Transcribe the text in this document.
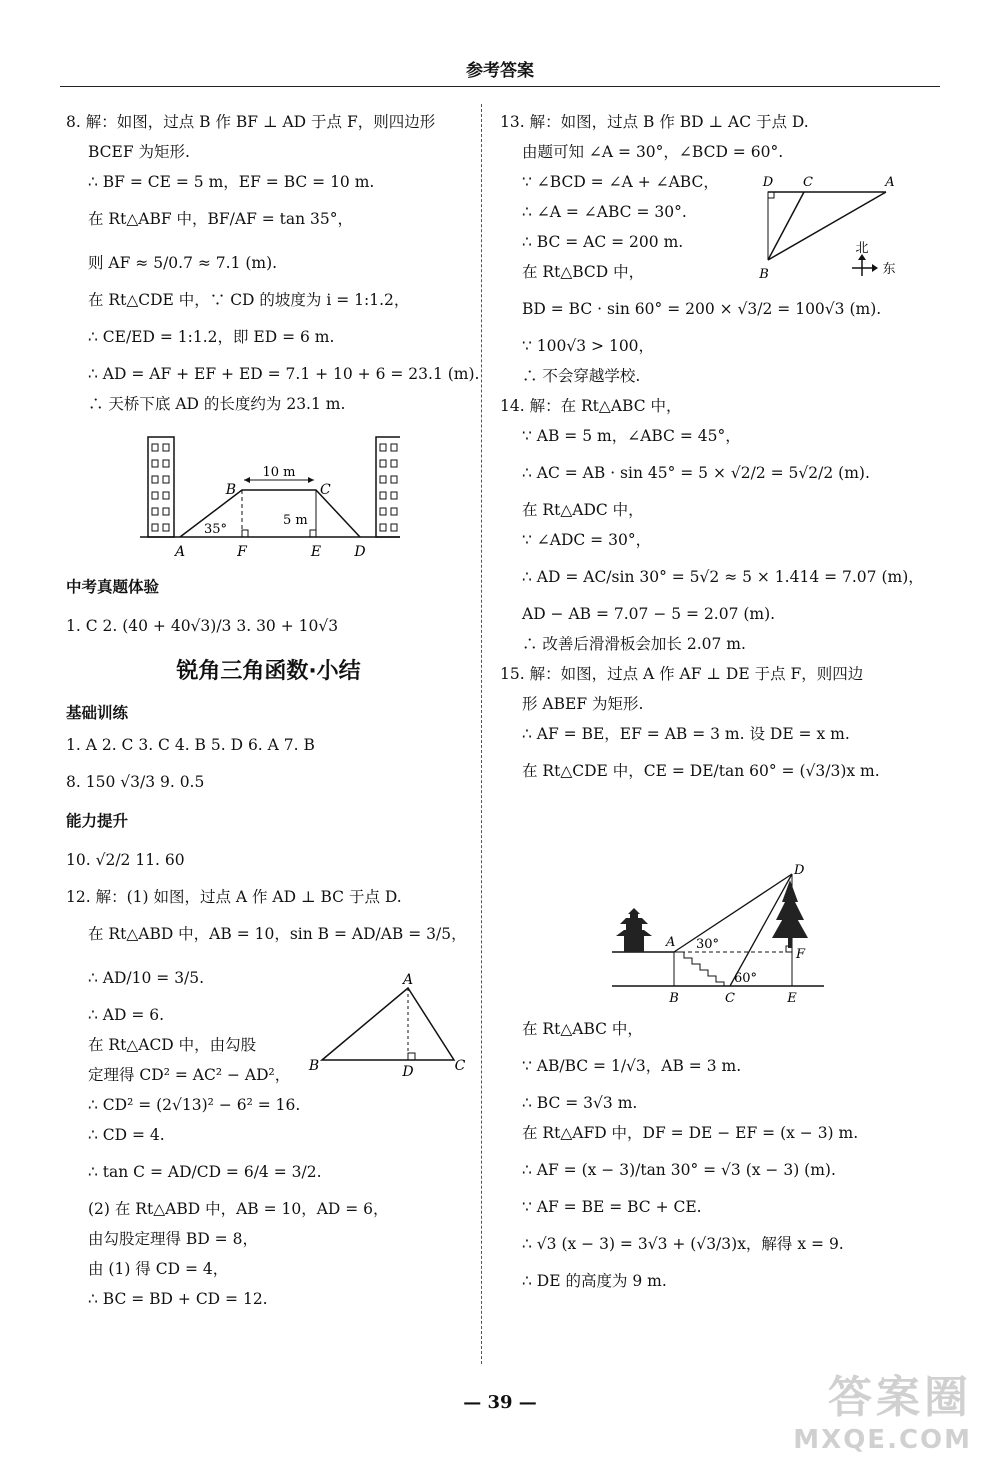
参考答案
8. 解：如图，过点 B 作 BF ⊥ AD 于点 F，则四边形
BCEF 为矩形.
∴ BF = CE = 5 m，EF = BC = 10 m.
在 Rt△ABF 中，BF/AF = tan 35°，
则 AF ≈ 5/0.7 ≈ 7.1 (m).
在 Rt△CDE 中，∵ CD 的坡度为 i = 1:1.2，
∴ CE/ED = 1:1.2，即 ED = 6 m.
∴ AD = AF + EF + ED = 7.1 + 10 + 6 = 23.1 (m).
∴ 天桥下底 AD 的长度约为 23.1 m.
A	F	E D
B	C
10 m
5 m
35°
中考真题体验
1. C 2. (40 + 40√3)/3 3. 30 + 10√3
锐角三角函数·小结
基础训练
1. A 2. C 3. C 4. B 5. D 6. A 7. B
8. 150 √3/3 9. 0.5
能力提升
10. √2/2 11. 60
12. 解：(1) 如图，过点 A 作 AD ⊥ BC 于点 D.
在 Rt△ABD 中，AB = 10，sin B = AD/AB = 3/5，
∴ AD/10 = 3/5.
∴ AD = 6.
在 Rt△ACD 中，由勾股
定理得 CD² = AC² − AD²，
∴ CD² = (2√13)² − 6² = 16.
∴ CD = 4.
∴ tan C = AD/CD = 6/4 = 3/2.
(2) 在 Rt△ABD 中，AB = 10，AD = 6，
由勾股定理得 BD = 8，
由 (1) 得 CD = 4，
∴ BC = BD + CD = 12.
A
B	D	C
13. 解：如图，过点 B 作 BD ⊥ AC 于点 D.
由题可知 ∠A = 30°，∠BCD = 60°.
∵ ∠BCD = ∠A + ∠ABC，
∴ ∠A = ∠ABC = 30°.
∴ BC = AC = 200 m.
在 Rt△BCD 中，
BD = BC · sin 60° = 200 × √3/2 = 100√3 (m).
∵ 100√3 > 100，
∴ 不会穿越学校.
14. 解：在 Rt△ABC 中，
∵ AB = 5 m，∠ABC = 45°，
∴ AC = AB · sin 45° = 5 × √2/2 = 5√2/2 (m).
在 Rt△ADC 中，
∵ ∠ADC = 30°，
∴ AD = AC/sin 30° = 5√2 ≈ 5 × 1.414 = 7.07 (m)，
AD − AB = 7.07 − 5 = 2.07 (m).
∴ 改善后滑滑板会加长 2.07 m.
15. 解：如图，过点 A 作 AF ⊥ DE 于点 F，则四边
形 ABEF 为矩形.
∴ AF = BE，EF = AB = 3 m. 设 DE = x m.
在 Rt△CDE 中，CE = DE/tan 60° = (√3/3)x m.
D C	A
B
北
东
D
A 30°
F
60°
B	C	E
在 Rt△ABC 中，
∵ AB/BC = 1/√3，AB = 3 m.
∴ BC = 3√3 m.
在 Rt△AFD 中，DF = DE − EF = (x − 3) m.
∴ AF = (x − 3)/tan 30° = √3 (x − 3) (m).
∵ AF = BE = BC + CE.
∴ √3 (x − 3) = 3√3 + (√3/3)x，解得 x = 9.
∴ DE 的高度为 9 m.
— 39 —	答案圈
MXQE.COM
